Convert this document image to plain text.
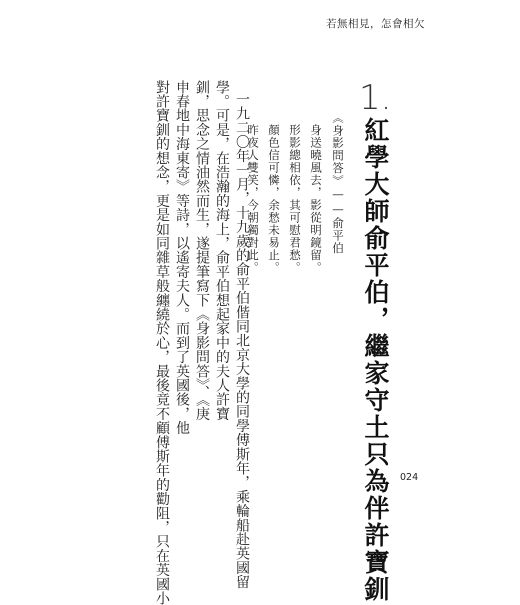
若無相見，怎會相欠
1.
紅學大師俞平伯，繼家守土只為伴許寶釧
《身影問答》——俞平伯
身送曉風去，影從明鏡留。
形影總相依，其可慰君愁。
顏色信可憐，余愁未易止。
昨夜人雙笑，今朝獨對此。
一九二〇年一月，十九歲的俞平伯偕同北京大學的同學傅斯年，乘輪船赴英國留
學。可是，在浩瀚的海上，俞平伯想起家中的夫人許寶
釧，思念之情油然而生，遂提筆寫下《身影問答》、《庚
申春地中海東寄》等詩，以遙寄夫人。而到了英國後，他
對許寶釧的想念，更是如同雜草般纏繞於心，最後竟不顧傅斯年的勸阻，只在英國小	024
